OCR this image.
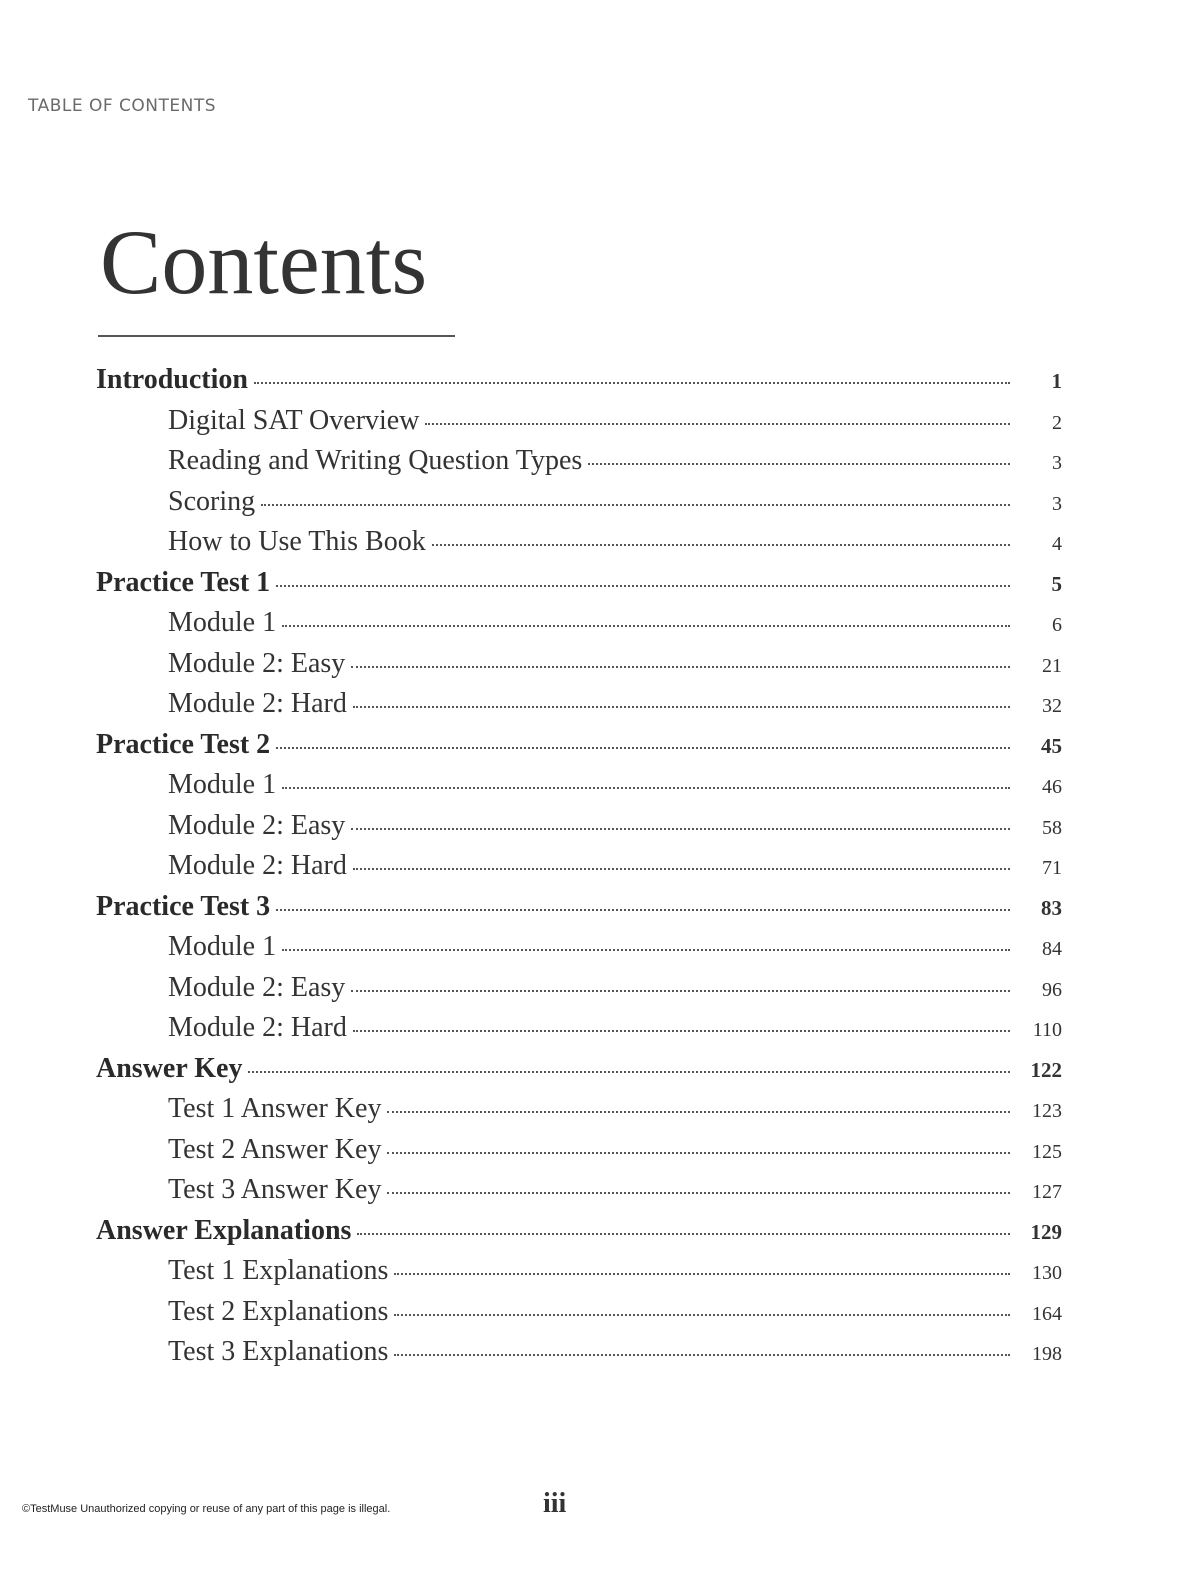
TABLE OF CONTENTS
Contents
Introduction	1
Digital SAT Overview	2
Reading and Writing Question Types	3
Scoring	3
How to Use This Book	4
Practice Test 1	5
Module 1	6
Module 2: Easy	21
Module 2: Hard	32
Practice Test 2	45
Module 1	46
Module 2: Easy	58
Module 2: Hard	71
Practice Test 3	83
Module 1	84
Module 2: Easy	96
Module 2: Hard	110
Answer Key	122
Test 1 Answer Key	123
Test 2 Answer Key	125
Test 3 Answer Key	127
Answer Explanations	129
Test 1 Explanations	130
Test 2 Explanations	164
Test 3 Explanations	198
©TestMuse Unauthorized copying or reuse of any part of this page is illegal.	iii
